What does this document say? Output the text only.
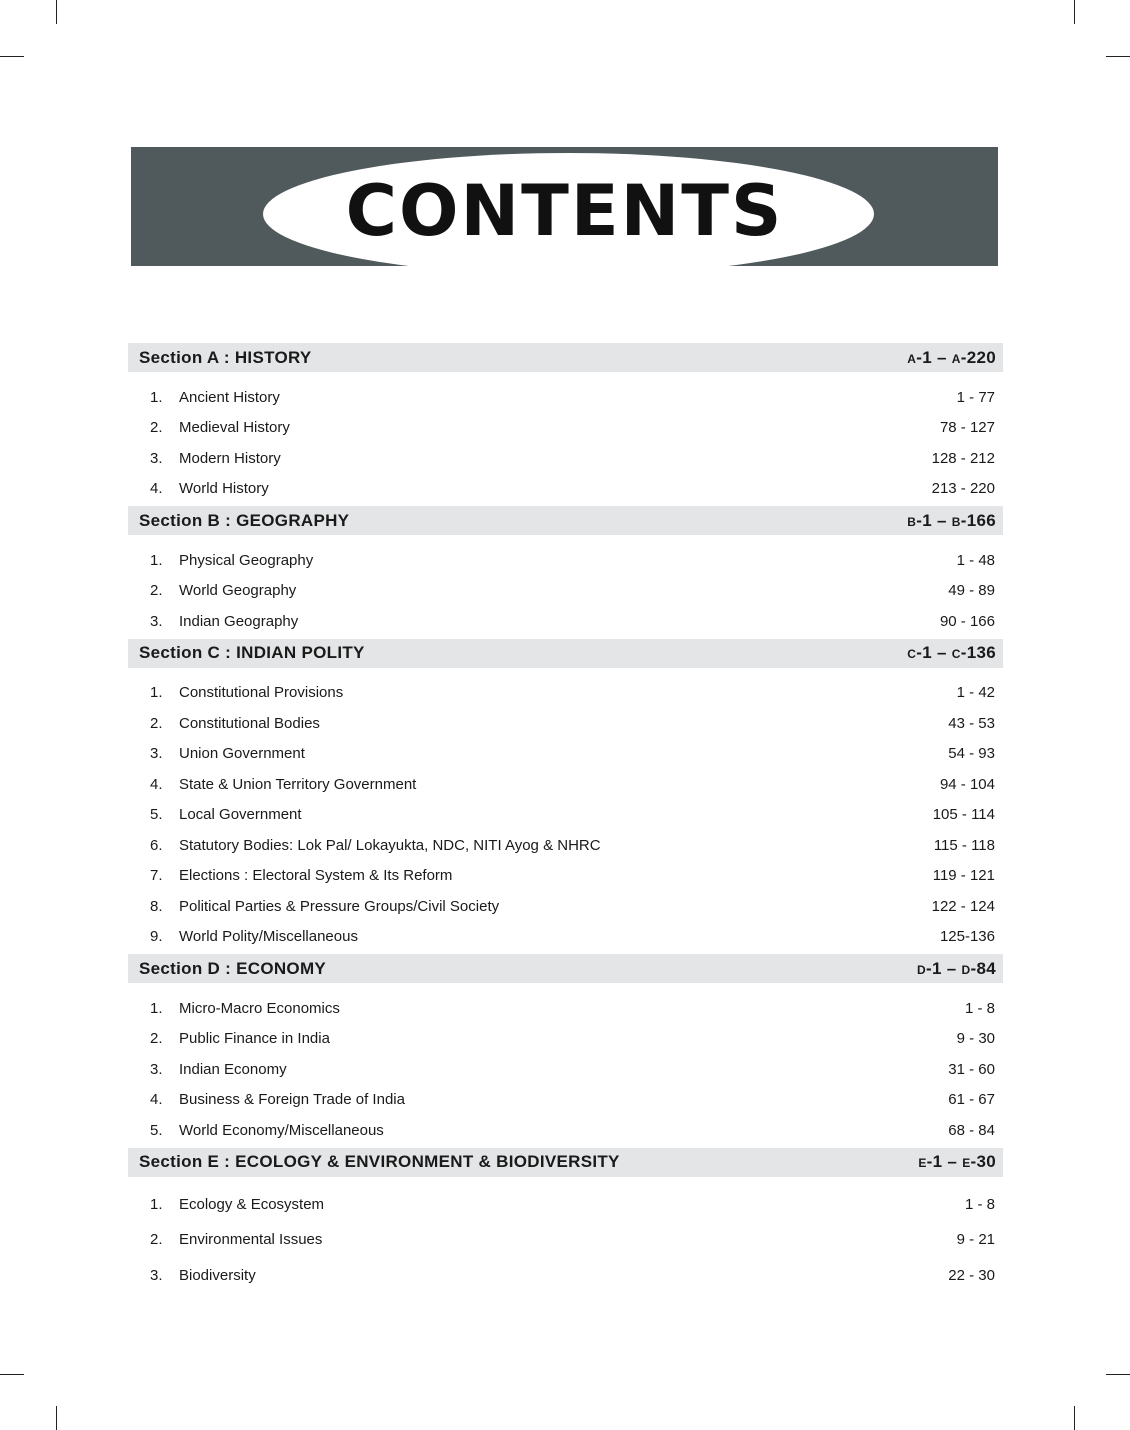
CONTENTS
Section A : HISTORY	A-1 – A-220
1.	Ancient History	1 - 77
2.	Medieval History	78 - 127
3.	Modern History	128 - 212
4.	World History	213 - 220
Section B : GEOGRAPHY	B-1 – B-166
1.	Physical Geography	1 - 48
2.	World Geography	49 - 89
3.	Indian Geography	90 - 166
Section C : INDIAN POLITY	C-1 – C-136
1.	Constitutional Provisions	1 - 42
2.	Constitutional Bodies	43 - 53
3.	Union Government	54 - 93
4.	State & Union Territory Government	94 - 104
5.	Local Government	105 - 114
6.	Statutory Bodies: Lok Pal/ Lokayukta, NDC, NITI Ayog & NHRC	115 - 118
7.	Elections : Electoral System & Its Reform	119 - 121
8.	Political Parties & Pressure Groups/Civil Society	122 - 124
9.	World Polity/Miscellaneous	125-136
Section D : ECONOMY	D-1 – D-84
1.	Micro-Macro Economics	1 - 8
2.	Public Finance in India	9 - 30
3.	Indian Economy	31 - 60
4.	Business & Foreign Trade of India	61 - 67
5.	World Economy/Miscellaneous	68 - 84
Section E : ECOLOGY & ENVIRONMENT & BIODIVERSITY	E-1 – E-30
1.	Ecology & Ecosystem	1 - 8
2.	Environmental Issues	9 - 21
3.	Biodiversity	22 - 30
